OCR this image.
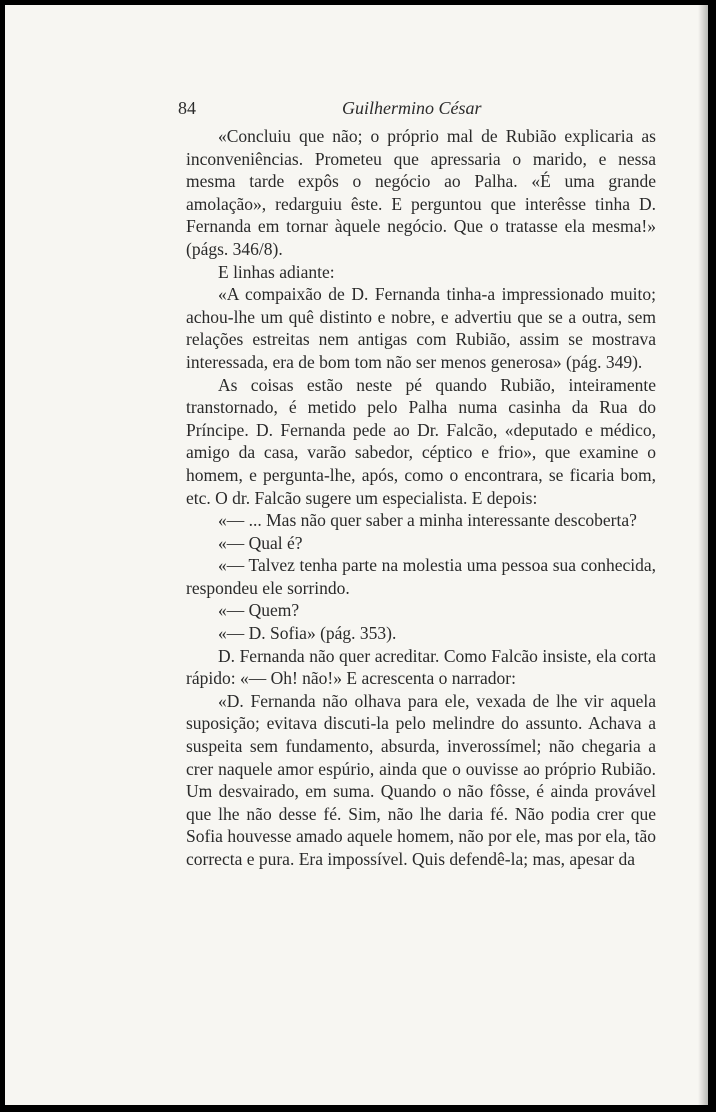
84	Guilhermino César

«Concluiu que não; o próprio mal de Rubião explicaria as inconveniências. Prometeu que apressaria o marido, e nessa mesma tarde expôs o negócio ao Palha. «É uma grande amolação», redarguiu êste. E perguntou que interêsse tinha D. Fernanda em tornar àquele negócio. Que o tratasse ela mesma!» (págs. 346/8).

E linhas adiante:

«A compaixão de D. Fernanda tinha-a impressionado muito; achou-lhe um quê distinto e nobre, e advertiu que se a outra, sem relações estreitas nem antigas com Rubião, assim se mostrava interessada, era de bom tom não ser menos generosa» (pág. 349).

As coisas estão neste pé quando Rubião, inteiramente transtornado, é metido pelo Palha numa casinha da Rua do Príncipe. D. Fernanda pede ao Dr. Falcão, «deputado e médico, amigo da casa, varão sabedor, céptico e frio», que examine o homem, e pergunta-lhe, após, como o encontrara, se ficaria bom, etc. O dr. Falcão sugere um especialista. E depois:

«— ... Mas não quer saber a minha interessante descoberta?

«— Qual é?

«— Talvez tenha parte na molestia uma pessoa sua conhecida, respondeu ele sorrindo.

«— Quem?

«— D. Sofia» (pág. 353).

D. Fernanda não quer acreditar. Como Falcão insiste, ela corta rápido: «— Oh! não!» E acrescenta o narrador:

«D. Fernanda não olhava para ele, vexada de lhe vir aquela suposição; evitava discuti-la pelo melindre do assunto. Achava a suspeita sem fundamento, absurda, inverossímel; não chegaria a crer naquele amor espúrio, ainda que o ouvisse ao próprio Rubião. Um desvairado, em suma. Quando o não fôsse, é ainda provável que lhe não desse fé. Sim, não lhe daria fé. Não podia crer que Sofia houvesse amado aquele homem, não por ele, mas por ela, tão correcta e pura. Era impossível. Quis defendê-la; mas, apesar da
